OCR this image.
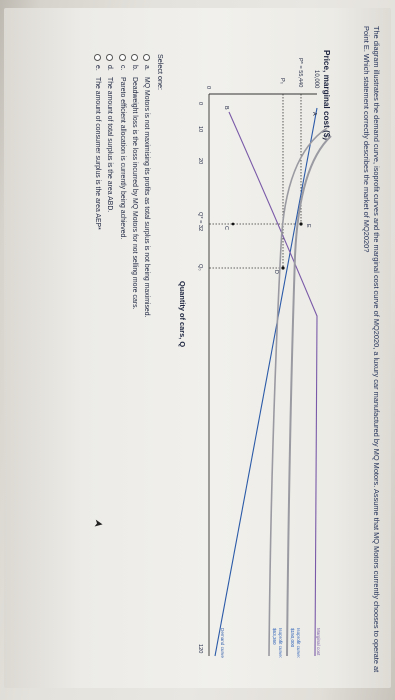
The diagram illustrates the demand curve, isoprofit curves and the marginal cost curve of MQ2020, a luxury car manufactured by MQ Motors. Assume that MQ Motors currently chooses to operate at Point E. Which statement correctly describes the market of MQ2020?
Price, marginal cost ($)
10,000
P* = 55,440
P₀
0
0
10
20
Q* = 32
Q₀
120
A
E
D
B
C
Marginal cost
Isoprofit curve:
$150,000
Isoprofit curve:
$63,360
Demand curve
Quantity of cars, Q
Select one:
a.
MQ Motors is not maximising its profits as total surplus is not being maximised.
b.
Deadweight loss is the loss incurred by MQ Motors for not selling more cars.
c.
Pareto efficient allocation is currently being achieved.
d.
The amount of total surplus is the area ABD.
e.
The amount of consumer surplus is the area AEP*
➤
